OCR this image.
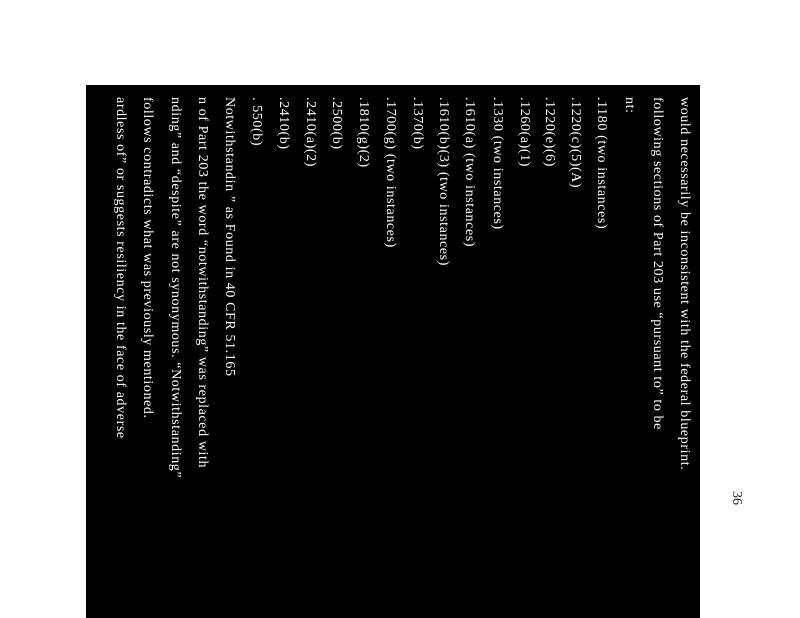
would necessarily be inconsistent with the federal blueprint.
following sections of Part 203 use “pursuant to” to be
nt:
.1180 (two instances)
.1220(c)(5)(A)
.1220(e)(6)
.1260(a)(1)
.1330 (two instances)
.1610(a) (two instances)
.1610(b)(3) (two instances)
.1370(b)
.1700(g) (two instances)
.1810(g)(2)
.2500(b)
.2410(a)(2)
.2410(b)
. 550(b)
Notwithstandin ” as Found in 40 CFR 51.165
n of Part 203 the word “notwithstanding” was replaced with
nding” and “despite” are not synonymous. “Notwithstanding”
follows contradicts what was previously mentioned.
ardless of” or suggests resiliency in the face of adverse
36
